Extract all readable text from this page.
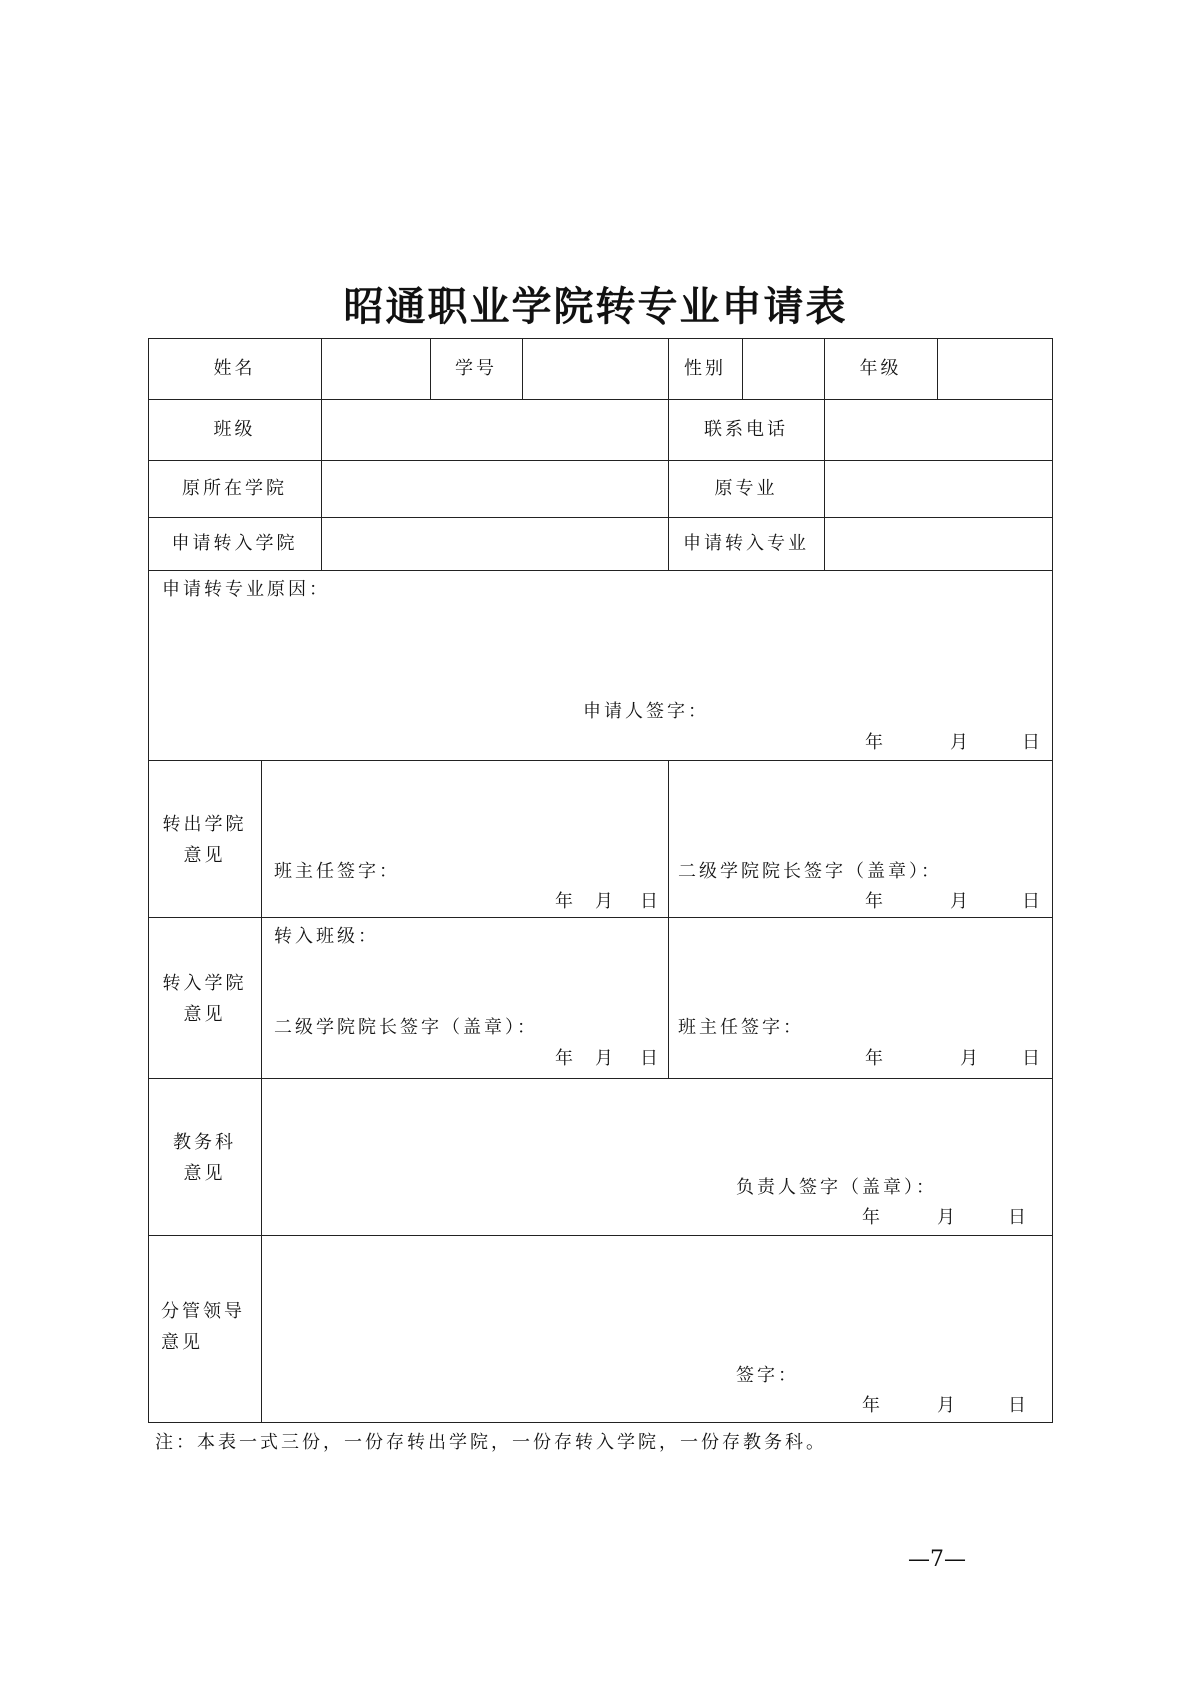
昭通职业学院转专业申请表
姓名	学号	性别	年级
班级	联系电话
原所在学院	原专业
申请转入学院	申请转入专业
申请转专业原因：
申请人签字：
年	月	日
转出学院
意见
班主任签字：
年 月 日
二级学院院长签字（盖章）：
年	月	日
转入学院
意见
转入班级：
二级学院院长签字（盖章）：
年 月 日
班主任签字：
年	月 日
教务科
意见
负责人签字（盖章）：
年	月	日
分管领导
意见
签字：
年	月	日
注：本表一式三份，一份存转出学院，一份存转入学院，一份存教务科。
—7—
